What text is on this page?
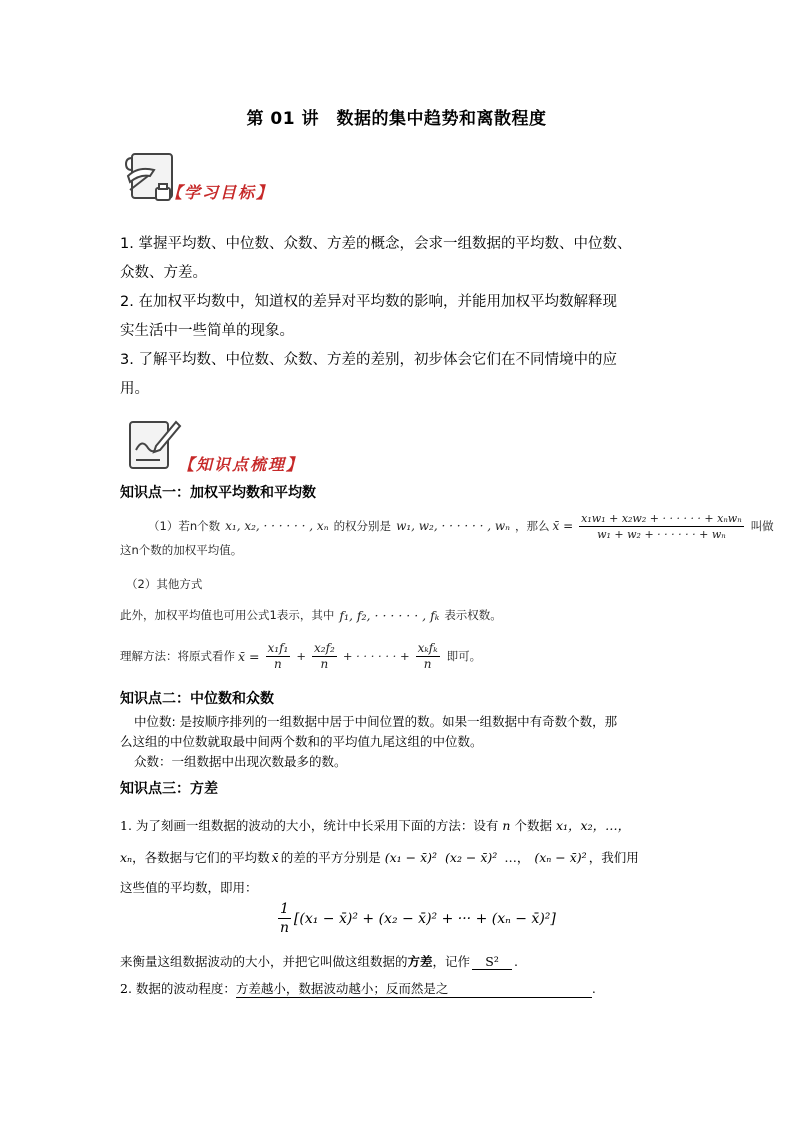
第 01 讲　数据的集中趋势和离散程度
【学习目标】
1. 掌握平均数、中位数、众数、方差的概念，会求一组数据的平均数、中位数、
众数、方差。
2. 在加权平均数中，知道权的差异对平均数的影响，并能用加权平均数解释现
实生活中一些简单的现象。
3. 了解平均数、中位数、众数、方差的差别，初步体会它们在不同情境中的应
用。
【知识点梳理】
知识点一：加权平均数和平均数
（1）若n个数 x₁, x₂, · · · · · · , xₙ 的权分别是 w₁, w₂, · · · · · · , wₙ ，那么 x̄ = $\frac{\text{x₁w₁ + x₂w₂ + · · · · · · + xₙwₙ}}{\text{w₁ + w₂ + · · · · · · + wₙ}}$ 叫做
这n个数的加权平均值。
（2）其他方式
此外，加权平均值也可用公式1表示，其中 f₁, f₂, · · · · · · , fₖ 表示权数。
理解方法：将原式看作 x̄ = $\frac{\text{x₁f₁}}{n} + \frac{\text{x₂f₂}}{n}$ + · · · · · · + $\frac{\text{xₖfₖ}}{n}$ 即可。
知识点二：中位数和众数
中位数: 是按顺序排列的一组数据中居于中间位置的数。如果一组数据中有奇数个数，那
么这组的中位数就取最中间两个数和的平均值九尾这组的中位数。
众数：一组数据中出现次数最多的数。
知识点三：方差
1. 为了刻画一组数据的波动的大小，统计中长采用下面的方法：设有 n 个数据 x₁，x₂，…，
xₙ，各数据与它们的平均数 x̄ 的差的平方分别是 (x₁ − x̄)² (x₂ − x̄)² …， (xₙ − x̄)² ，我们用
这些值的平均数，即用：
$\frac{1}{n} [(x_1$ − x̄)² + (x₂ − x̄)² + ··· + (xₙ − x̄)²]
来衡量这组数据波动的大小，并把它叫做这组数据的方差，记作 S² .
2. 数据的波动程度：方差越小，数据波动越小；反而然是之	.
